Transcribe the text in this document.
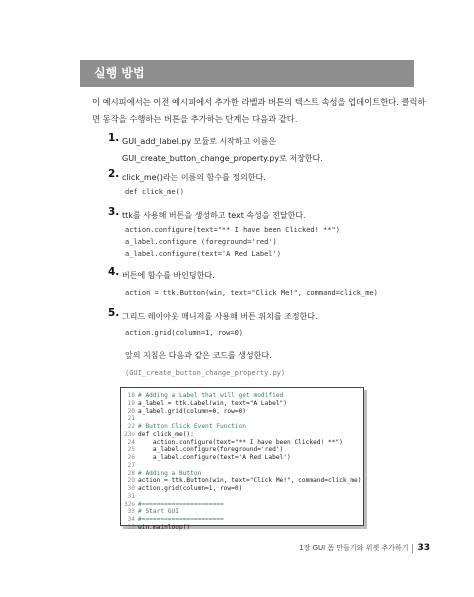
실행 방법

이 예시피에서는 이전 예시피에서 추가한 라벨과 버튼의 텍스트 속성을 업데이트한다. 클릭하면 동작을 수행하는 버튼을 추가하는 단계는 다음과 같다.

1. GUI_add_label.py 모듈로 시작하고 이름은 GUI_create_button_change_property.py로 저장한다.
2. click_me()라는 이름의 함수를 정의한다.
def click_me()
3. ttk를 사용해 버튼을 생성하고 text 속성을 전달한다.
action.configure(text="** I have been Clicked! **")
a_label.configure (foreground='red')
a_label.configure(text='A Red Label')
4. 버튼에 함수를 바인딩한다.
action = ttk.Button(win, text="Click Me!", command=click_me)
5. 그리드 레이아웃 매니저를 사용해 버튼 위치를 조정한다.
action.grid(column=1, row=0)

앞의 지침은 다음과 같은 코드를 생성한다. (GUI_create_button_change_property.py)

18 # Adding a Label that will get modified
19 a_label = ttk.Label(win, text="A Label")
20 a_label.grid(column=0, row=0)
21
22 # Button Click Event Function
23⊖ def click_me():
24 action.configure(text="** I have been Clicked! **")
25 a_label.configure(foreground='red')
26 a_label.configure(text='A Red Label')
27
28 # Adding a Button
29 action = ttk.Button(win, text="Click Me!", command=click_me)
30 action.grid(column=1, row=0)
31
32⊖ #======================
33 # Start GUI
34 #======================
35 win.mainloop()
1장 GUI 폼 만들기와 위젯 추가하기 33
